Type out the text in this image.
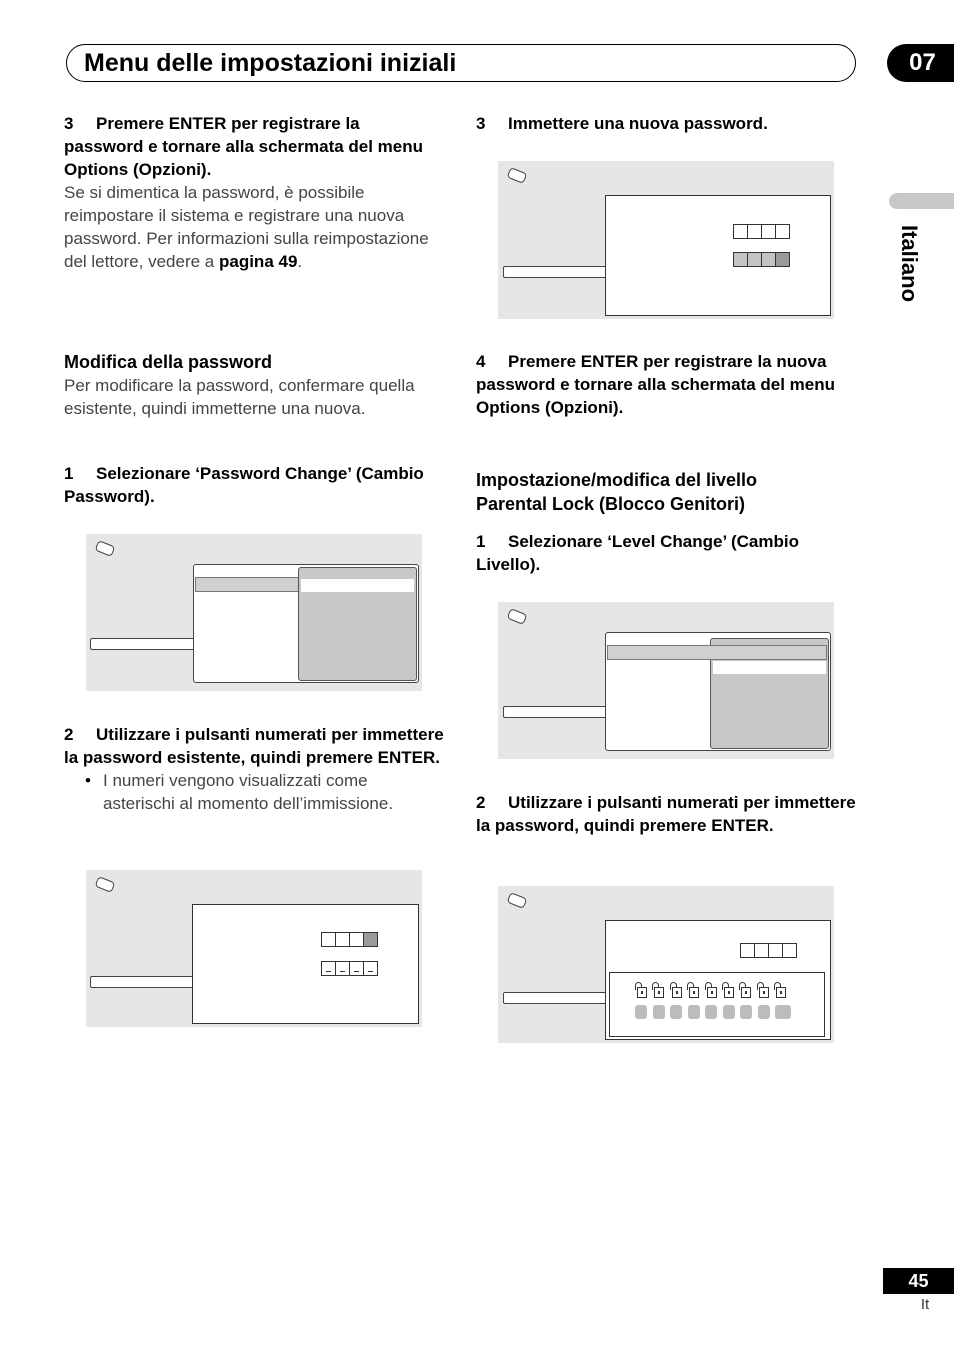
Menu delle impostazioni iniziali	07
Italiano
3 Premere ENTER per registrare la password e tornare alla schermata del menu Options (Opzioni).
Se si dimentica la password, è possibile reimpostare il sistema e registrare una nuova password. Per informazioni sulla reimpostazione del lettore, vedere a pagina 49.
Modifica della password
Per modificare la password, confermare quella esistente, quindi immetterne una nuova.
1 Selezionare ‘Password Change’ (Cambio Password).
2 Utilizzare i pulsanti numerati per immettere la password esistente, quindi premere ENTER.
• I numeri vengono visualizzati come asterischi al momento dell’immissione.
3 Immettere una nuova password.
4 Premere ENTER per registrare la nuova password e tornare alla schermata del menu Options (Opzioni).
Impostazione/modifica del livello Parental Lock (Blocco Genitori)
1 Selezionare ‘Level Change’ (Cambio Livello).
2 Utilizzare i pulsanti numerati per immettere la password, quindi premere ENTER.
45
It
